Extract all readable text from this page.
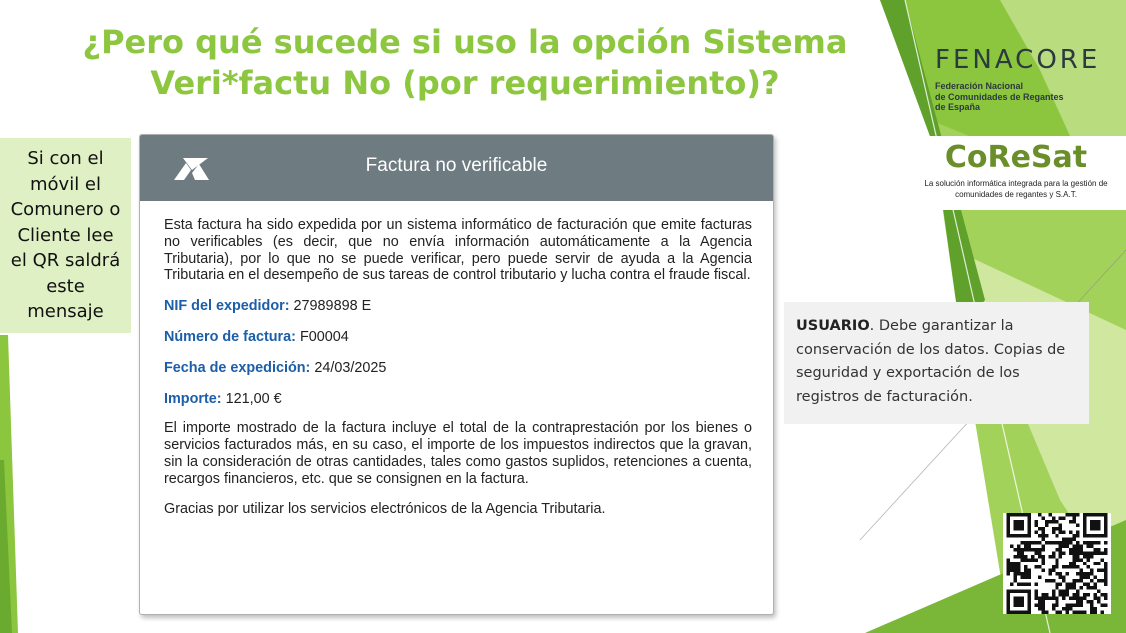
¿Pero qué sucede si uso la opción Sistema
Veri*factu No (por requerimiento)?
Si con el
móvil el
Comunero o
Cliente lee
el QR saldrá
este
mensaje
FENACORE
Federación Nacional
de Comunidades de Regantes
de España
CoReSat
La solución informática integrada para la gestión de
comunidades de regantes y S.A.T.
USUARIO. Debe garantizar la conservación de los datos. Copias de seguridad y exportación de los registros de facturación.
Factura no verificable

Esta factura ha sido expedida por un sistema informático de facturación que emite facturas no verificables (es decir, que no envía información automáticamente a la Agencia Tributaria), por lo que no se puede verificar, pero puede servir de ayuda a la Agencia Tributaria en el desempeño de sus tareas de control tributario y lucha contra el fraude fiscal.

NIF del expedidor: 27989898 E
Número de factura: F00004
Fecha de expedición: 24/03/2025
Importe: 121,00 €

El importe mostrado de la factura incluye el total de la contraprestación por los bienes o servicios facturados más, en su caso, el importe de los impuestos indirectos que la gravan, sin la consideración de otras cantidades, tales como gastos suplidos, retenciones a cuenta, recargos financieros, etc. que se consignen en la factura.

Gracias por utilizar los servicios electrónicos de la Agencia Tributaria.
